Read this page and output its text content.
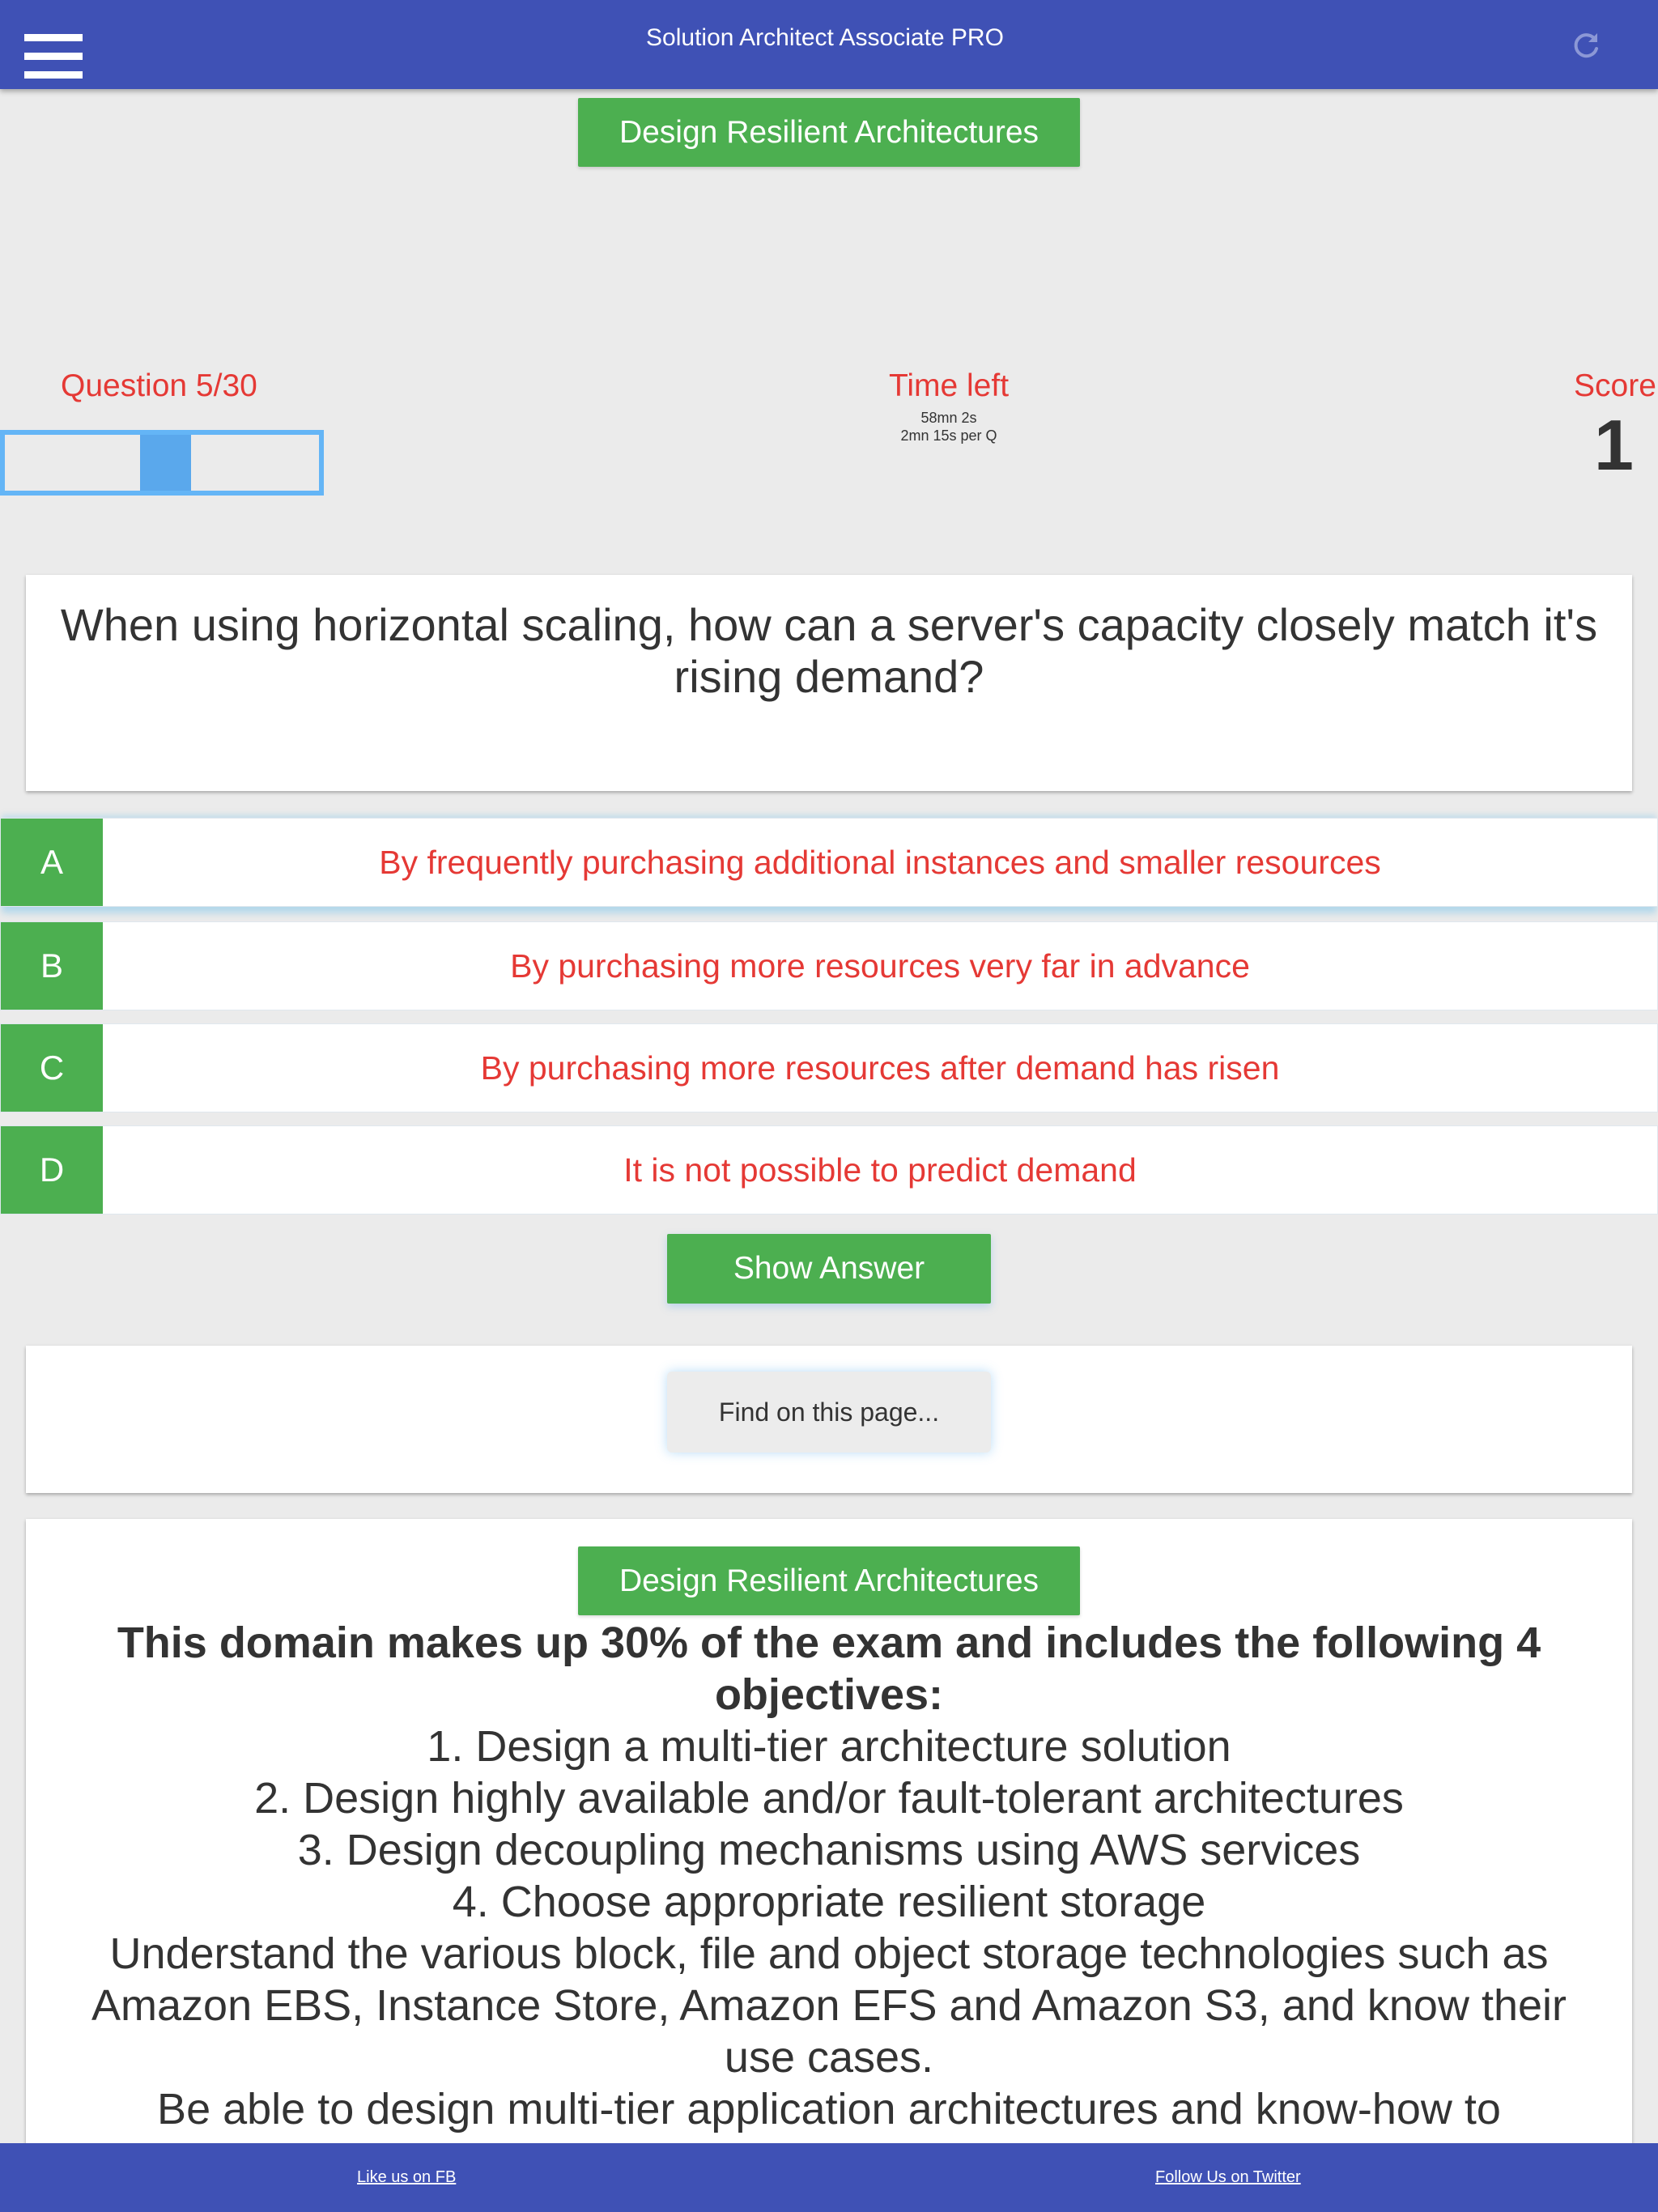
Solution Architect Associate PRO
Design Resilient Architectures
Question 5/30	Time left
58mn 2s
2mn 15s per Q
Score
1
When using horizontal scaling, how can a server's capacity closely match it's rising demand?
A	By frequently purchasing additional instances and smaller resources
B	By purchasing more resources very far in advance
C	By purchasing more resources after demand has risen
D	It is not possible to predict demand
Show Answer
Find on this page...
Design Resilient Architectures
This domain makes up 30% of the exam and includes the following 4 objectives:
1. Design a multi-tier architecture solution
2. Design highly available and/or fault-tolerant architectures
3. Design decoupling mechanisms using AWS services
4. Choose appropriate resilient storage
Understand the various block, file and object storage technologies such as Amazon EBS, Instance Store, Amazon EFS and Amazon S3, and know their use cases.
Be able to design multi-tier application architectures and know-how to
Like us on FB	Follow Us on Twitter
